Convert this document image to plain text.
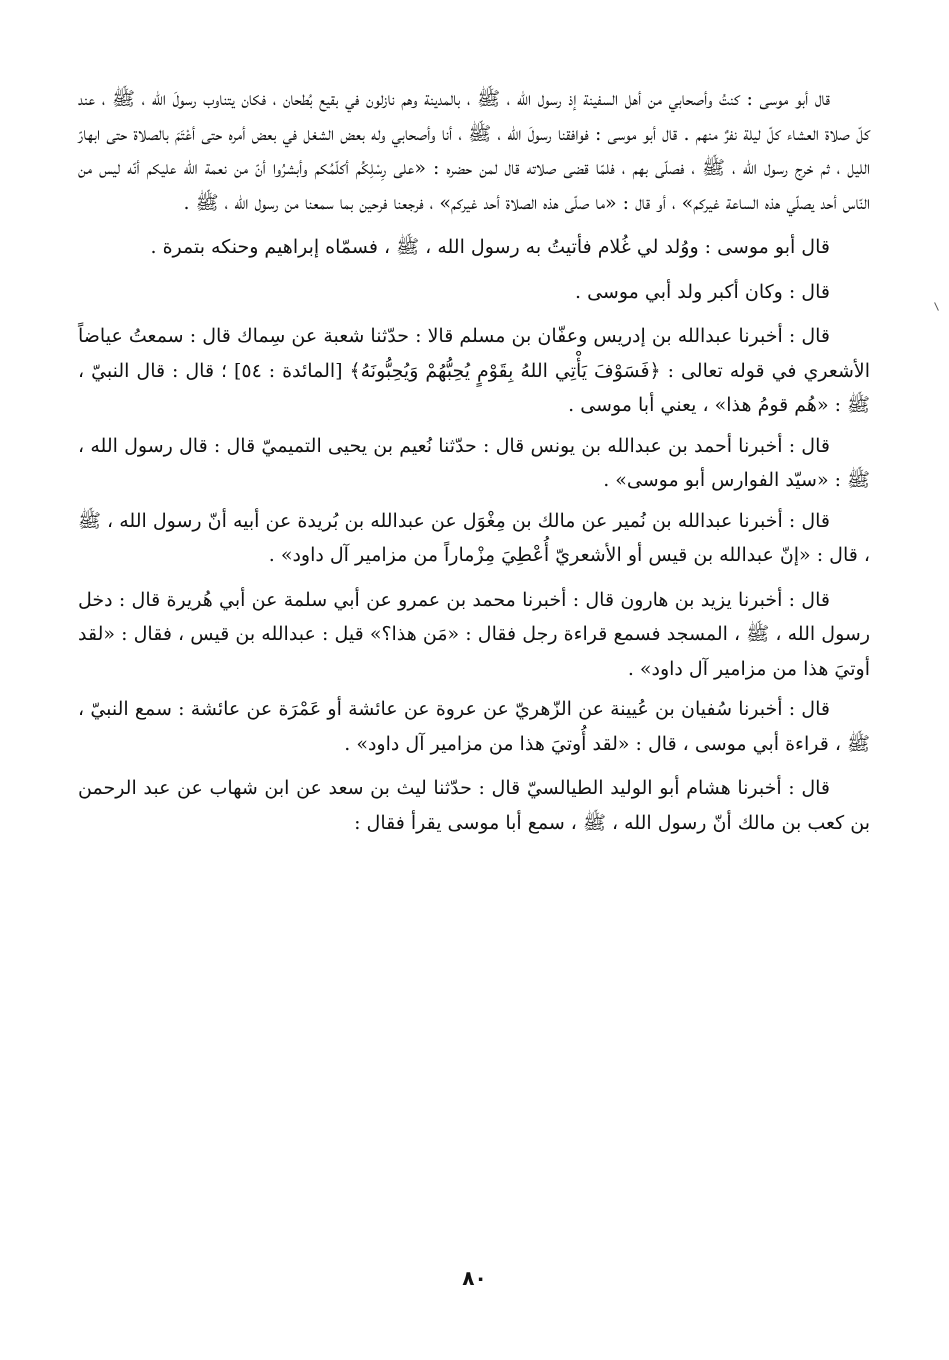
قال أبو موسى : كنتُ وأصحابي من أهل السفينة إذ رسول الله ، ﷺ ، بالمدينة وهم نازلون في بقيع بُطحان ، فكان يتناوب رسولَ الله ، ﷺ ، عند كلّ صلاة العشاء كلّ ليلة نفرٌ منهم . قال أبو موسى : فوافقنا رسولَ الله ، ﷺ ، أنا وأصحابي وله بعض الشغل في بعض أمره حتى أعْتَمَ بالصلاة حتى ابهارّ الليل ، ثم خرج رسول الله ، ﷺ ، فصلّى بهم ، فلمّا قضى صلاته قال لمن حضره : «على رِسْلِكُم أكلّمُكم وأبشرُوا أنّ من نعمة الله عليكم أنّه ليس من النّاس أحد يصلّي هذه الساعة غيركم» ، أو قال : «ما صلّى هذه الصلاة أحد غيركم» ، فرجعنا فرحين بما سمعنا من رسول الله ، ﷺ .

قال أبو موسى : ووُلد لي غُلام فأتيتُ به رسول الله ، ﷺ ، فسمّاه إبراهيم وحنكه بتمرة .

قال : وكان أكبر ولد أبي موسى .

قال : أخبرنا عبدالله بن إدريس وعفّان بن مسلم قالا : حدّثنا شعبة عن سِماك قال : سمعتُ عياضاً الأشعري في قوله تعالى : ﴿فَسَوْفَ يَأْتِي اللهُ بِقَوْمٍ يُحِبُّهُمْ وَيُحِبُّونَهُ﴾ [المائدة : ٥٤] ؛ قال : قال النبيّ ، ﷺ : «هُم قومُ هذا» ، يعني أبا موسى .

قال : أخبرنا أحمد بن عبدالله بن يونس قال : حدّثنا نُعيم بن يحيى التميميّ قال : قال رسول الله ، ﷺ : «سيّد الفوارس أبو موسى» .

قال : أخبرنا عبدالله بن نُمير عن مالك بن مِغْوَل عن عبدالله بن بُريدة عن أبيه أنّ رسول الله ، ﷺ ، قال : «إنّ عبدالله بن قيس أو الأشعريّ أُعْطِيَ مِزْماراً من مزامير آل داود» .

قال : أخبرنا يزيد بن هارون قال : أخبرنا محمد بن عمرو عن أبي سلمة عن أبي هُريرة قال : دخل رسول الله ، ﷺ ، المسجد فسمع قراءة رجل فقال : «مَن هذا؟» قيل : عبدالله بن قيس ، فقال : «لقد أوتيَ هذا من مزامير آل داود» .

قال : أخبرنا سُفيان بن عُيينة عن الزّهريّ عن عروة عن عائشة أو عَمْرَة عن عائشة : سمع النبيّ ، ﷺ ، قراءة أبي موسى ، قال : «لقد أُوتيَ هذا من مزامير آل داود» .

قال : أخبرنا هشام أبو الوليد الطيالسيّ قال : حدّثنا ليث بن سعد عن ابن شهاب عن عبد الرحمن بن كعب بن مالك أنّ رسول الله ، ﷺ ، سمع أبا موسى يقرأ فقال :

٨٠
